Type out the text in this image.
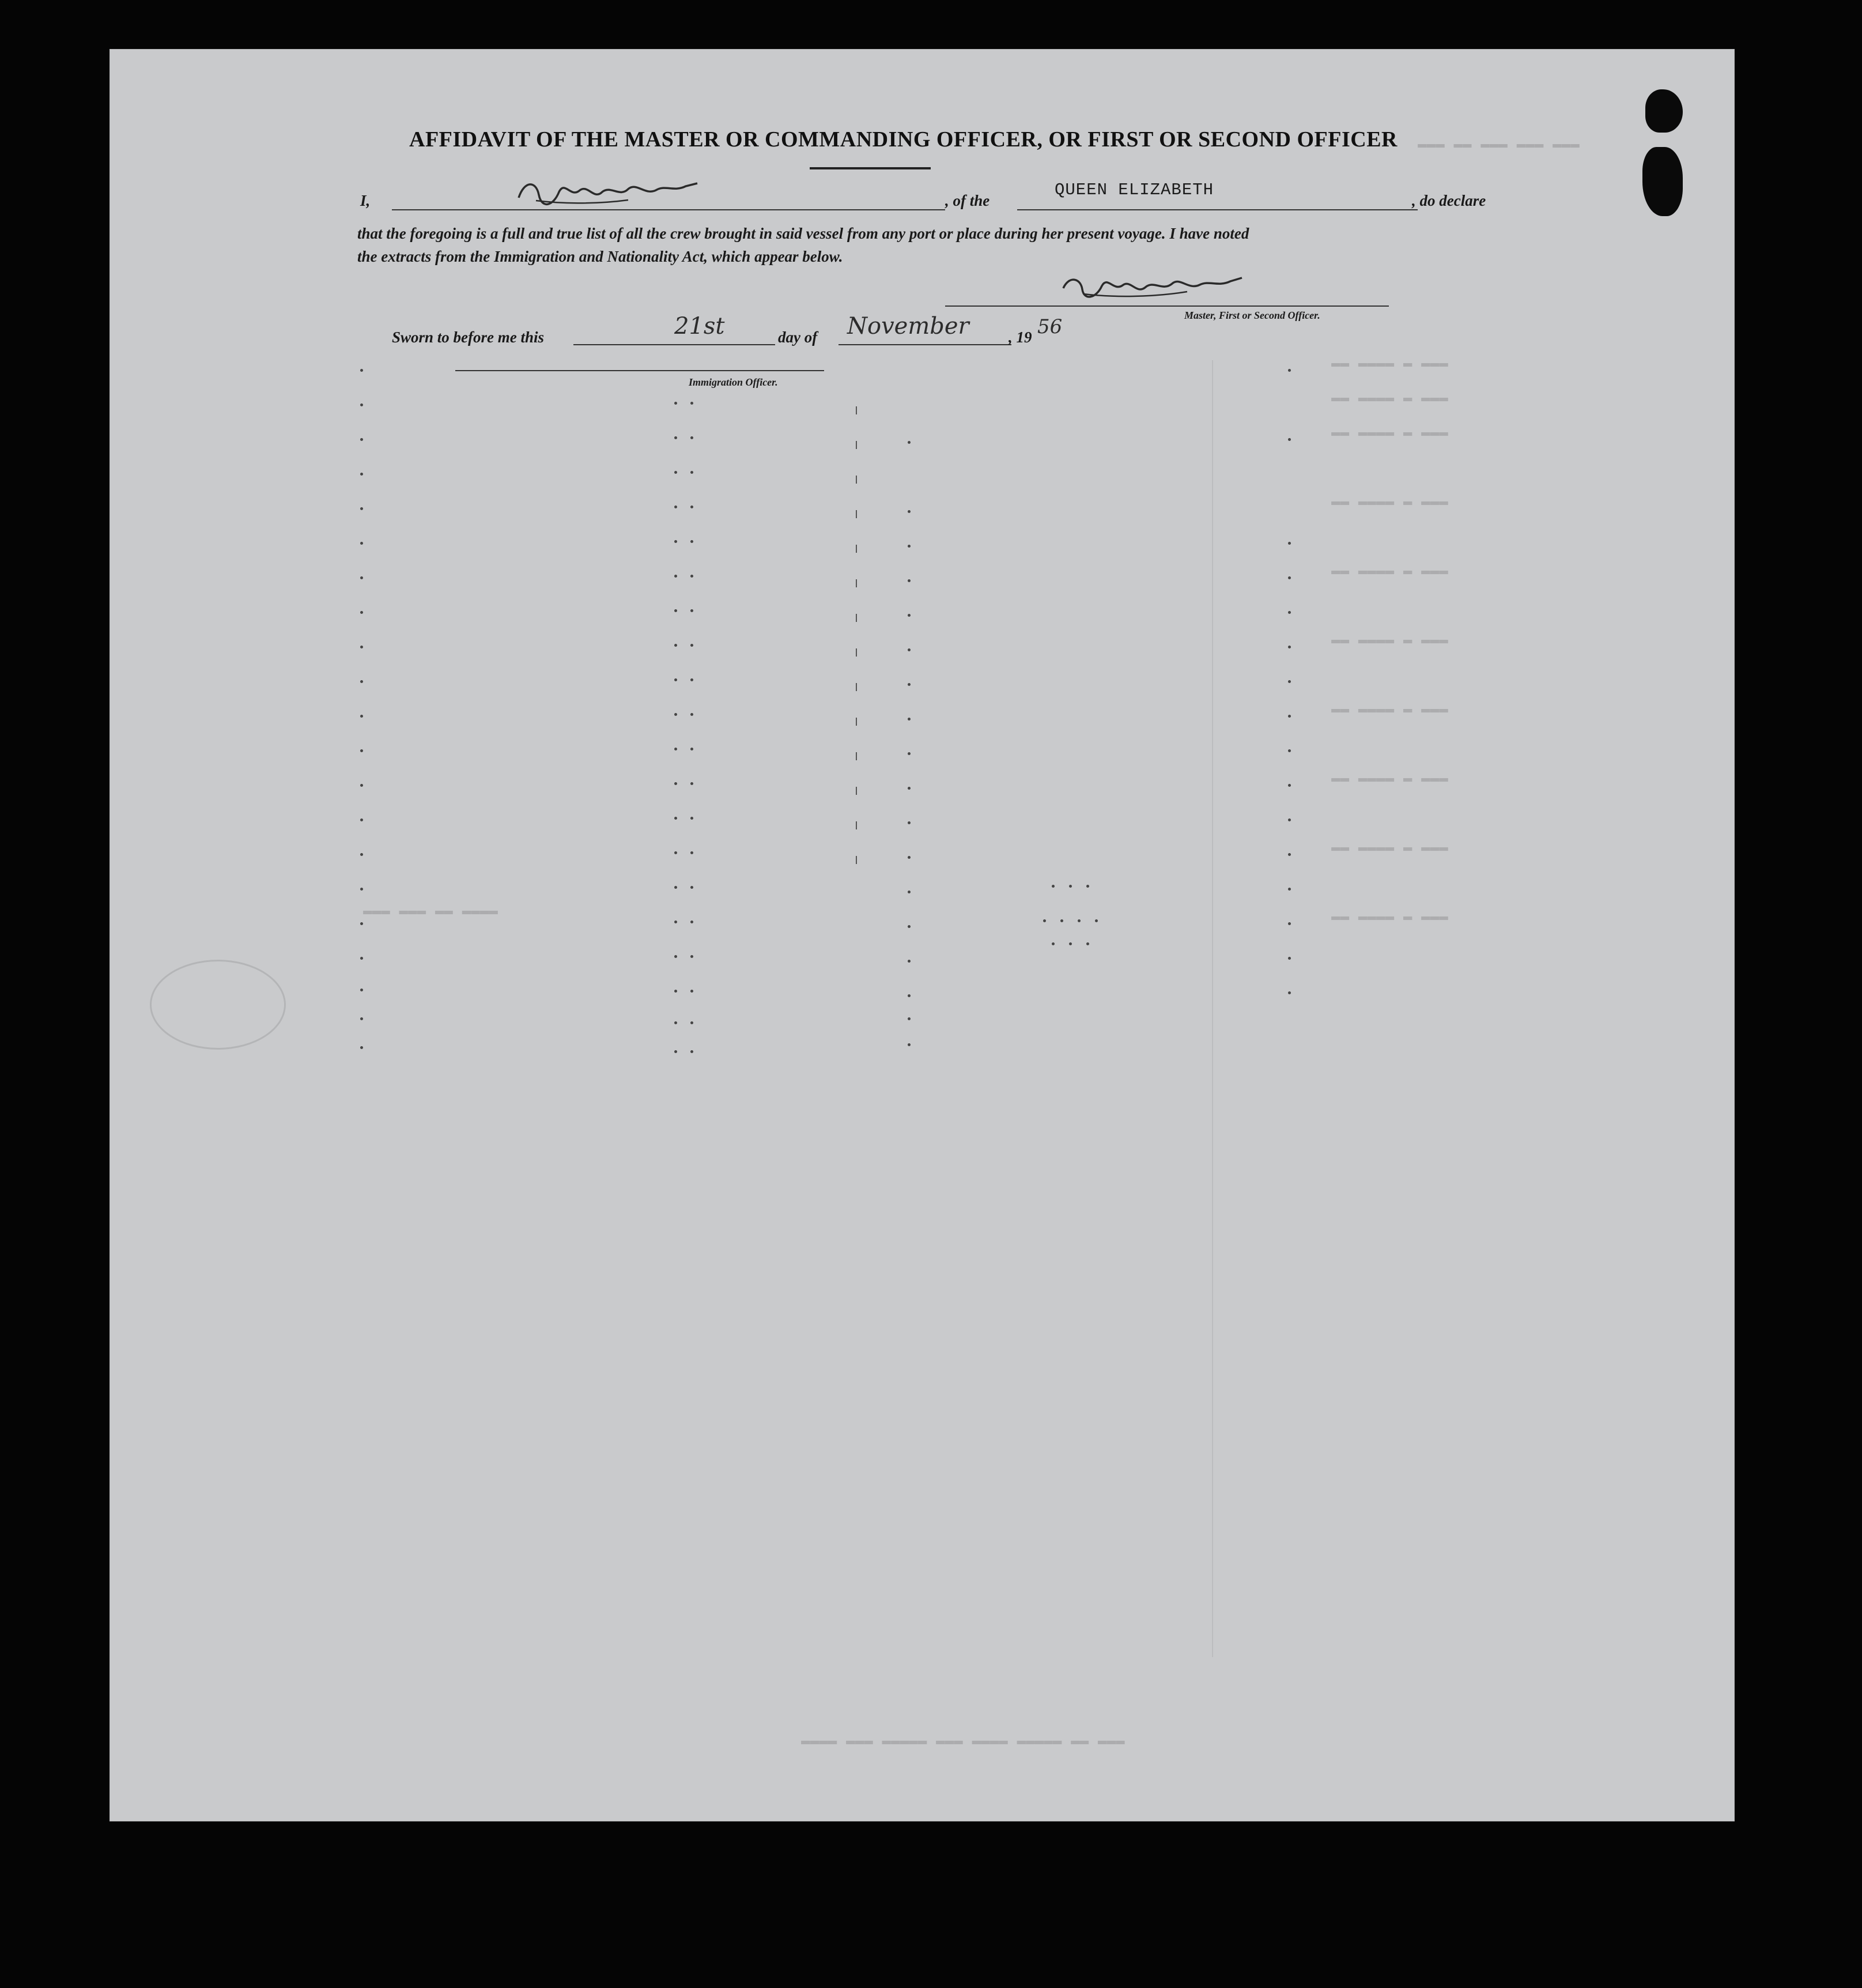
▬▬▬ ▬▬ ▬▬▬ ▬▬▬ ▬▬▬
▬▬ ▬▬▬▬ ▬ ▬▬▬
▬▬ ▬▬▬▬ ▬ ▬▬▬
▬▬ ▬▬▬▬ ▬ ▬▬▬
▬▬ ▬▬▬▬ ▬ ▬▬▬
▬▬ ▬▬▬▬ ▬ ▬▬▬
▬▬ ▬▬▬▬ ▬ ▬▬▬
▬▬ ▬▬▬▬ ▬ ▬▬▬
▬▬ ▬▬▬▬ ▬ ▬▬▬
▬▬ ▬▬▬▬ ▬ ▬▬▬
▬▬ ▬▬▬▬ ▬ ▬▬▬
▬▬▬ ▬▬▬ ▬▬ ▬▬▬▬
▬▬▬▬ ▬▬▬ ▬▬▬▬▬ ▬▬▬ ▬▬▬▬ ▬▬▬▬▬ ▬▬ ▬▬▬
AFFIDAVIT OF THE MASTER OR COMMANDING OFFICER, OR FIRST OR SECOND OFFICER
I,	, of the
QUEEN ELIZABETH
, do declare
that the foregoing is a full and true list of all the crew brought in said vessel from any port or place during her present voyage. I have noted
the extracts from the Immigration and Nationality Act, which appear below.
Master, First or Second Officer.
Sworn to before me this	21st	day of November	, 19 56
Immigration Officer.
